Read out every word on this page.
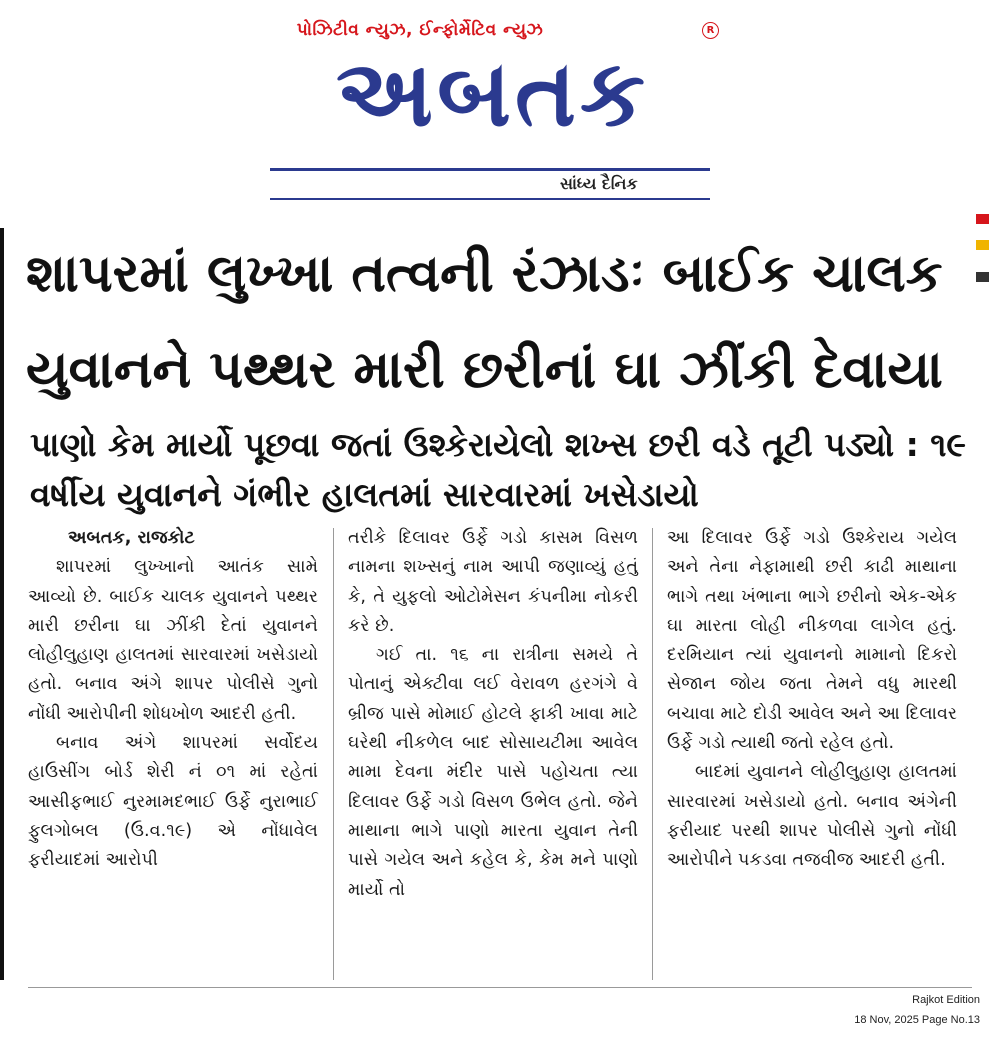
પોઝિટીવ ન્યુઝ, ઈન્ફોર્મેટિવ ન્યુઝ	R
અબતક
સાંધ્ય દૈનિક
શાપરમાં લુખ્ખા તત્વની રંઝાડઃ બાઈક ચાલક યુવાનને પથ્થર મારી છરીનાં ઘા ઝીંકી દેવાયા
પાણો કેમ માર્યો પૂછવા જતાં ઉશ્કેરાયેલો શખ્સ છરી વડે તૂટી પડ્યો : ૧૯ વર્ષીય યુવાનને ગંભીર હાલતમાં સારવારમાં ખસેડાયો

અબતક, રાજકોટ

શાપરમાં લુખ્ખાનો આતંક સામે આવ્યો છે. બાઈક ચાલક યુવાનને પથ્થર મારી છરીના ઘા ઝીંકી દેતાં યુવાનને લોહીલુહાણ હાલતમાં સારવારમાં ખસેડાયો હતો. બનાવ અંગે શાપર પોલીસે ગુનો નોંધી આરોપીની શોધખોળ આદરી હતી.

બનાવ અંગે શાપરમાં સર્વોદય હાઉસીંગ બોર્ડ શેરી નં ૦૧ માં રહેતાં આસીફભાઈ નુરમામદભાઈ ઉર્ફે નુરાભાઈ ફુલગોબલ (ઉ.વ.૧૯) એ નોંધાવેલ ફરીયાદમાં આરોપી

તરીકે દિલાવર ઉર્ફે ગડો કાસમ વિસળ નામના શખ્સનું નામ આપી જણાવ્યું હતું કે, તે યુફલો ઓટોમેસન કંપનીમા નોકરી કરે છે.

ગઈ તા. ૧૬ ના રાત્રીના સમયે તે પોતાનું એક્ટીવા લઈ વેરાવળ હરગંગે વે બ્રીજ પાસે મોમાઈ હોટલે ફાકી ખાવા માટે ઘરેથી નીકળેલ બાદ સોસાયટીમા આવેલ મામા દેવના મંદીર પાસે પહોચતા ત્યા દિલાવર ઉર્ફે ગડો વિસળ ઉભેલ હતો. જેને માથાના ભાગે પાણો મારતા યુવાન તેની પાસે ગયેલ અને કહેલ કે, કેમ મને પાણો માર્યો તો

આ દિલાવર ઉર્ફે ગડો ઉશ્કેરાય ગયેલ અને તેના નેફામાથી છરી કાઢી માથાના ભાગે તથા ખંભાના ભાગે છરીનો એક-એક ઘા મારતા લોહી નીકળવા લાગેલ હતું. દરમિયાન ત્યાં યુવાનનો મામાનો દિકરો સેજાન જોય જતા તેમને વધુ મારથી બચાવા માટે દોડી આવેલ અને આ દિલાવર ઉર્ફે ગડો ત્યાથી જતો રહેલ હતો.

બાદમાં યુવાનને લોહીલુહાણ હાલતમાં સારવારમાં ખસેડાયો હતો. બનાવ અંગેની ફરીયાદ પરથી શાપર પોલીસે ગુનો નોંધી આરોપીને પકડવા તજવીજ આદરી હતી.

Rajkot Edition
18 Nov, 2025 Page No.13
